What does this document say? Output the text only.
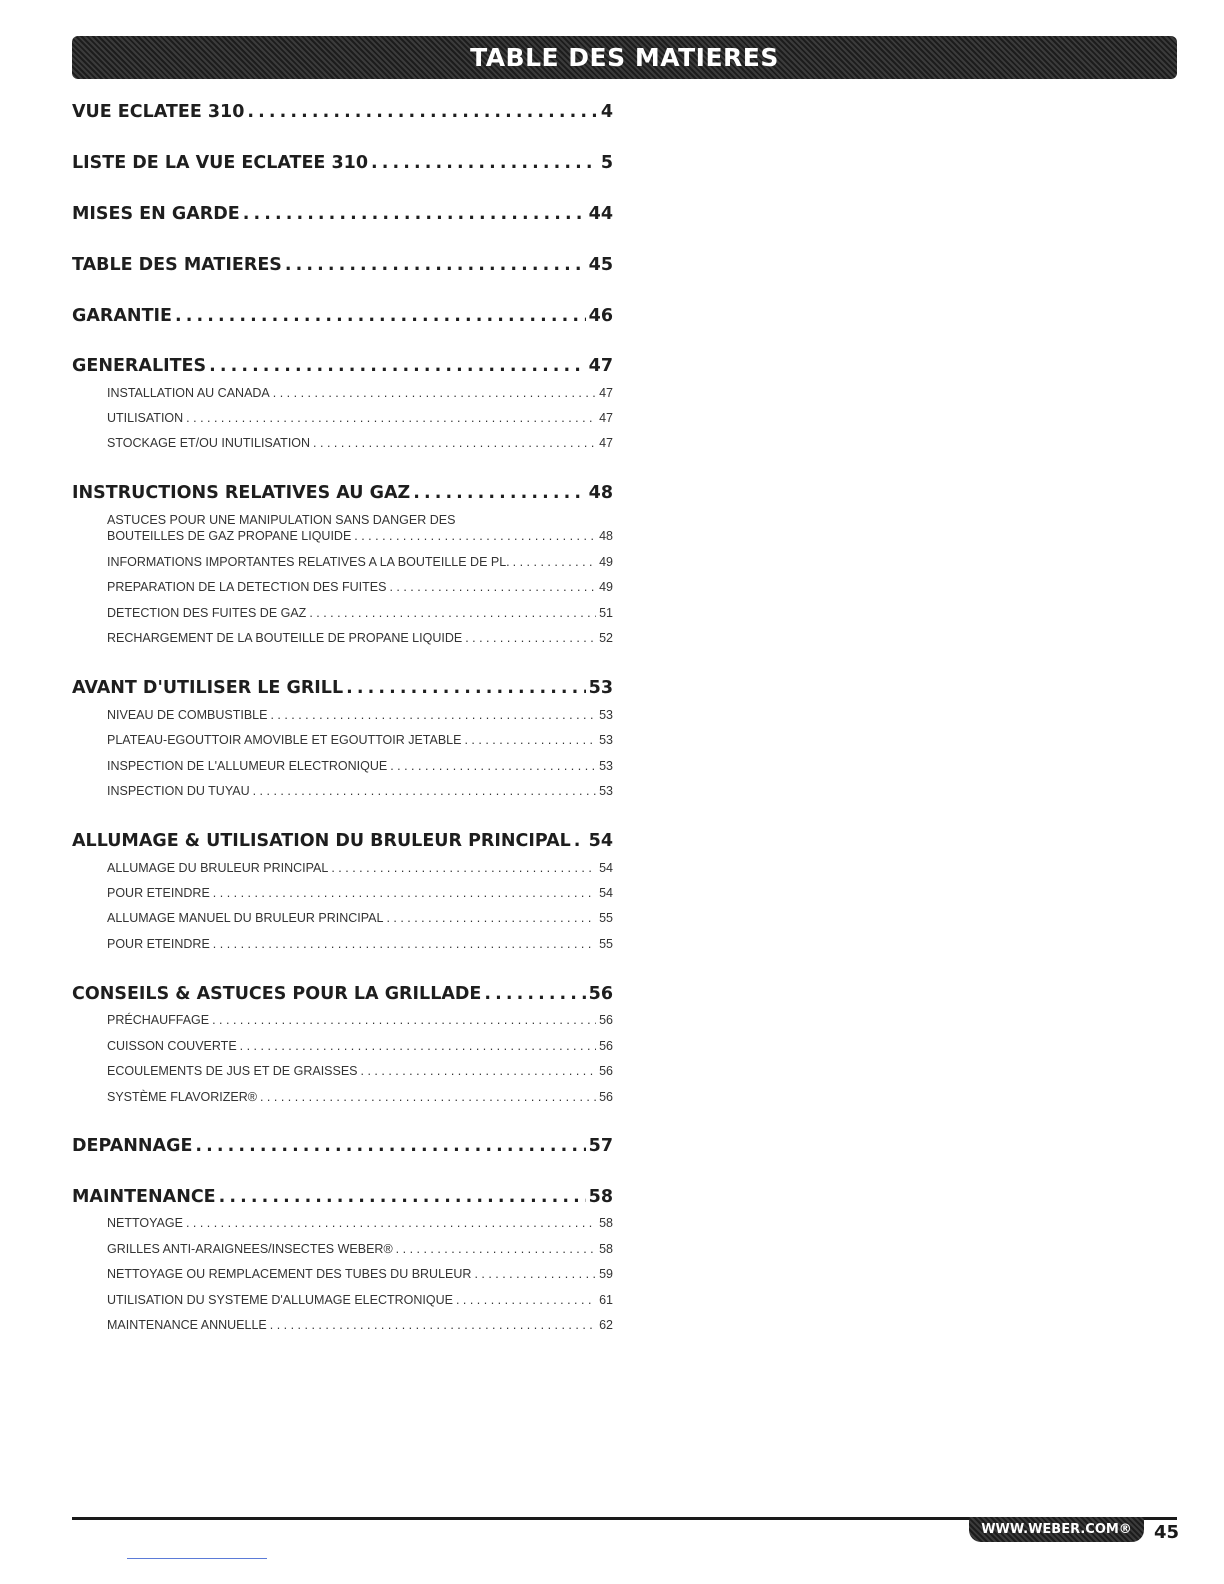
TABLE DES MATIERES
VUE ECLATEE 310 . . .	4
LISTE DE LA VUE ECLATEE 310 . . .	5
MISES EN GARDE . . .	44
TABLE DES MATIERES . . .	45
GARANTIE . . .	46
GENERALITES . . .	47
INSTALLATION AU CANADA . . .	47
UTILISATION . . .	47
STOCKAGE ET/OU INUTILISATION . . .	47
INSTRUCTIONS RELATIVES AU GAZ . . .	48
ASTUCES POUR UNE MANIPULATION SANS DANGER DES
BOUTEILLES DE GAZ PROPANE LIQUIDE . . .	48
INFORMATIONS IMPORTANTES RELATIVES A LA BOUTEILLE DE PL. . . .	49
PREPARATION DE LA DETECTION DES FUITES . . .	49
DETECTION DES FUITES DE GAZ . . .	51
RECHARGEMENT DE LA BOUTEILLE DE PROPANE LIQUIDE . . .	52
AVANT D'UTILISER LE GRILL . . .	53
NIVEAU DE COMBUSTIBLE . . .	53
PLATEAU-EGOUTTOIR AMOVIBLE ET EGOUTTOIR JETABLE . . .	53
INSPECTION DE L'ALLUMEUR ELECTRONIQUE . . .	53
INSPECTION DU TUYAU . . .	53
ALLUMAGE & UTILISATION DU BRULEUR PRINCIPAL . . . 54
ALLUMAGE DU BRULEUR PRINCIPAL . . .	54
POUR ETEINDRE . . .	54
ALLUMAGE MANUEL DU BRULEUR PRINCIPAL . . .	55
POUR ETEINDRE . . .	55
CONSEILS & ASTUCES POUR LA GRILLADE . . .	56
PRÉCHAUFFAGE . . .	56
CUISSON COUVERTE . . .	56
ECOULEMENTS DE JUS ET DE GRAISSES . . .	56
SYSTÈME FLAVORIZER® . . .	56
DEPANNAGE . . .	57
MAINTENANCE . . .	58
NETTOYAGE . . .	58
GRILLES ANTI-ARAIGNEES/INSECTES WEBER® . . .	58
NETTOYAGE OU REMPLACEMENT DES TUBES DU BRULEUR . . .	59
UTILISATION DU SYSTEME D'ALLUMAGE ELECTRONIQUE . . .	61
MAINTENANCE ANNUELLE . . .	62
WWW.WEBER.COM®	45
